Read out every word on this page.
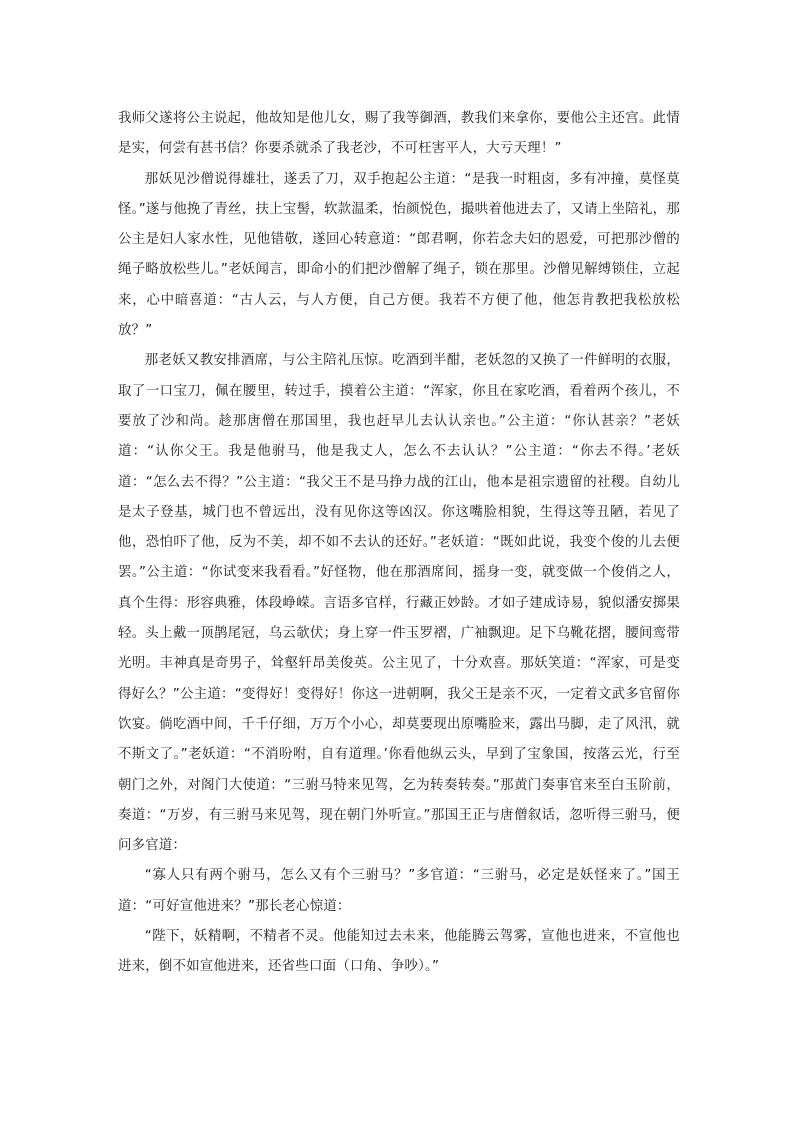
我师父遂将公主说起，他故知是他儿女，赐了我等御酒，教我们来拿你，要他公主还宫。此情是实，何尝有甚书信？你要杀就杀了我老沙，不可枉害平人，大亏天理！”

那妖见沙僧说得雄壮，遂丢了刀，双手抱起公主道：“是我一时粗卤，多有冲撞，莫怪莫怪。”遂与他挽了青丝，扶上宝髻，软款温柔，怡颜悦色，撮哄着他进去了，又请上坐陪礼，那公主是妇人家水性，见他错敬，遂回心转意道：“郎君啊，你若念夫妇的恩爱，可把那沙僧的绳子略放松些儿。”老妖闻言，即命小的们把沙僧解了绳子，锁在那里。沙僧见解缚锁住，立起来，心中暗喜道：“古人云，与人方便，自己方便。我若不方便了他，他怎肯教把我松放松放？”

那老妖又教安排酒席，与公主陪礼压惊。吃酒到半酣，老妖忽的又换了一件鲜明的衣服，取了一口宝刀，佩在腰里，转过手，摸着公主道：“浑家，你且在家吃酒，看着两个孩儿，不要放了沙和尚。趁那唐僧在那国里，我也赶早儿去认认亲也。”公主道：“你认甚亲？”老妖道：“认你父王。我是他驸马，他是我丈人，怎么不去认认？”公主道：“你去不得。’老妖道：“怎么去不得？”公主道：“我父王不是马挣力战的江山，他本是祖宗遗留的社稷。自幼儿是太子登基，城门也不曾远出，没有见你这等凶汉。你这嘴脸相貌，生得这等丑陋，若见了他，恐怕吓了他，反为不美，却不如不去认的还好。”老妖道：“既如此说，我变个俊的儿去便罢。”公主道：“你试变来我看看。”好怪物，他在那酒席间，摇身一变，就变做一个俊俏之人，真个生得：形容典雅，体段峥嵘。言语多官样，行藏正妙龄。才如子建成诗易，貌似潘安掷果轻。头上戴一顶鹊尾冠，乌云欹伏；身上穿一件玉罗褶，广袖飘迎。足下乌靴花摺，腰间鸾带光明。丰神真是奇男子，耸壑轩昂美俊英。公主见了，十分欢喜。那妖笑道：“浑家，可是变得好么？”公主道：“变得好！变得好！你这一进朝啊，我父王是亲不灭，一定着文武多官留你饮宴。倘吃酒中间，千千仔细，万万个小心，却莫要现出原嘴脸来，露出马脚，走了风汛，就不斯文了。”老妖道：“不消吩咐，自有道理。’你看他纵云头，早到了宝象国，按落云光，行至朝门之外，对阁门大使道：“三驸马特来见驾，乞为转奏转奏。”那黄门奏事官来至白玉阶前，奏道：“万岁，有三驸马来见驾，现在朝门外听宣。”那国王正与唐僧叙话，忽听得三驸马，便问多官道：

“寡人只有两个驸马，怎么又有个三驸马？”多官道：“三驸马，必定是妖怪来了。”国王道：“可好宣他进来？”那长老心惊道：

“陛下，妖精啊，不精者不灵。他能知过去未来，他能腾云驾雾，宣他也进来，不宣他也进来，倒不如宣他进来，还省些口面（口角、争吵）。”
